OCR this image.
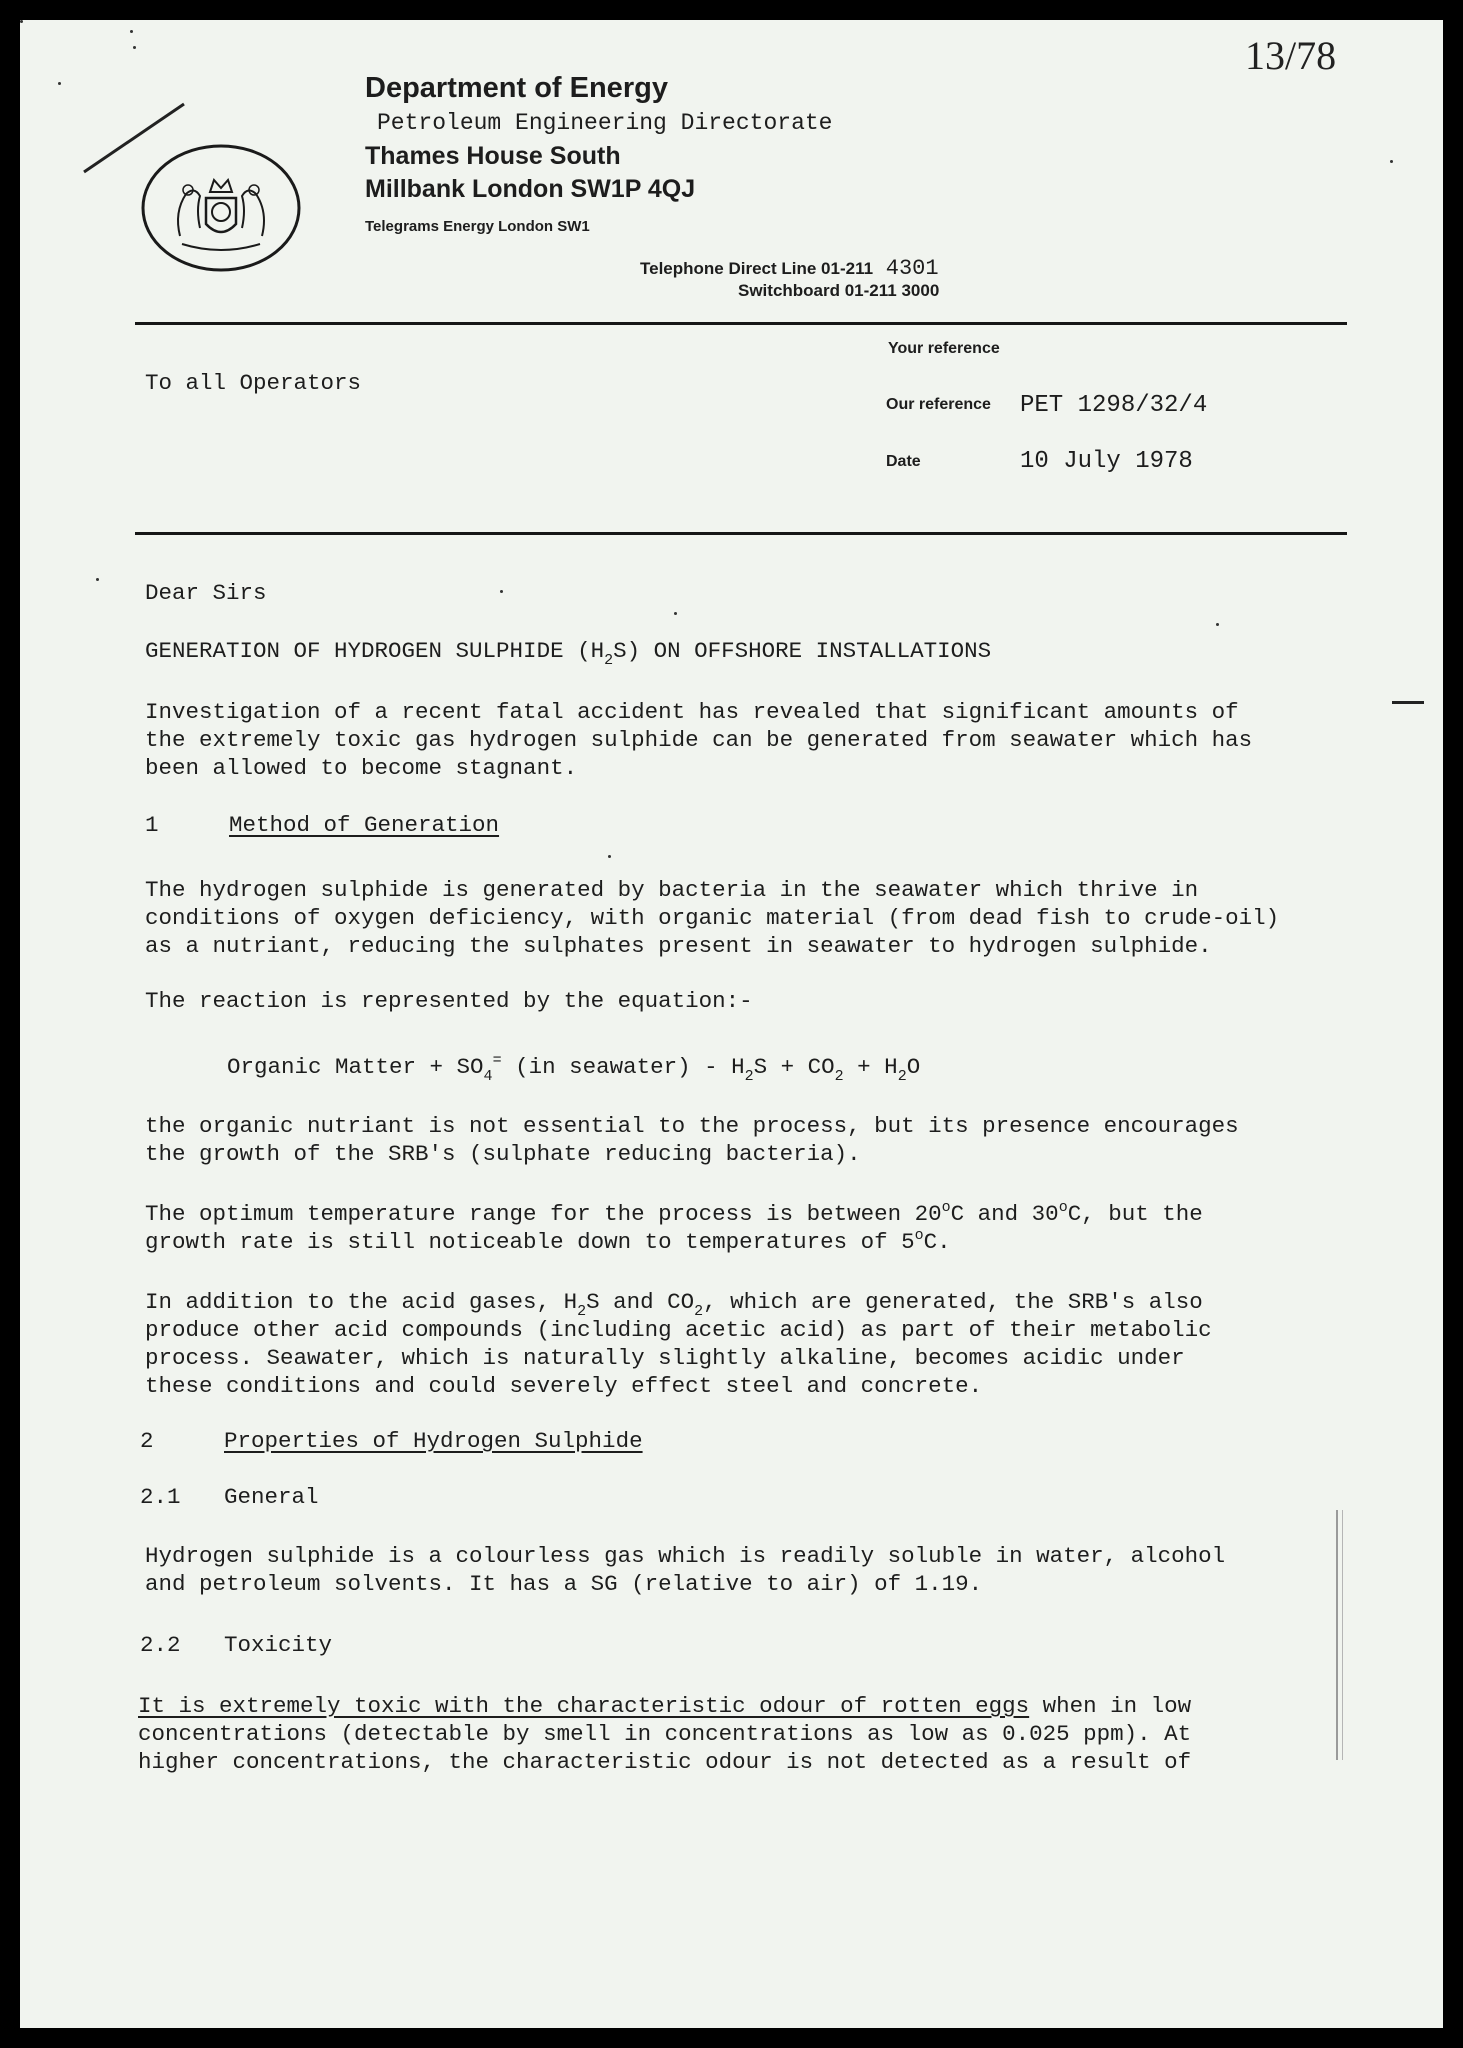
13/78
Department of Energy
Petroleum Engineering Directorate
Thames House South
Millbank London SW1P 4QJ
Telegrams Energy London SW1
Telephone Direct Line 01-211 4301
Switchboard 01-211 3000
To all Operators
Your reference
Our reference PET 1298/32/4
Date	10 July 1978
Dear Sirs
GENERATION OF HYDROGEN SULPHIDE $(H_2S)$ ON OFFSHORE INSTALLATIONS
Investigation of a recent fatal accident has revealed that significant amounts of
the extremely toxic gas hydrogen sulphide can be generated from seawater which has
been allowed to become stagnant.
1	Method of Generation
The hydrogen sulphide is generated by bacteria in the seawater which thrive in
conditions of oxygen deficiency, with organic material (from dead fish to crude-oil)
as a nutriant, reducing the sulphates present in seawater to hydrogen sulphide.
The reaction is represented by the equation:-
Organic Matter + $SO_4^=$ (in seawater) - $H_2S + CO_2 + H_2O$
the organic nutriant is not essential to the process, but its presence encourages
the growth of the SRB's (sulphate reducing bacteria).
The optimum temperature range for the process is between 20$^o$C and 30$^o$C, but the
growth rate is still noticeable down to temperatures of 5$^o$C.
In addition to the acid gases, $H_2S$ and $CO_2$, which are generated, the SRB's also
produce other acid compounds (including acetic acid) as part of their metabolic
process. Seawater, which is naturally slightly alkaline, becomes acidic under
these conditions and could severely effect steel and concrete.
2	Properties of Hydrogen Sulphide
2.1 General
Hydrogen sulphide is a colourless gas which is readily soluble in water, alcohol
and petroleum solvents. It has a SG (relative to air) of 1.19.
2.2 Toxicity
It is extremely toxic with the characteristic odour of rotten eggs when in low
concentrations (detectable by smell in concentrations as low as 0.025 ppm). At
higher concentrations, the characteristic odour is not detected as a result of
